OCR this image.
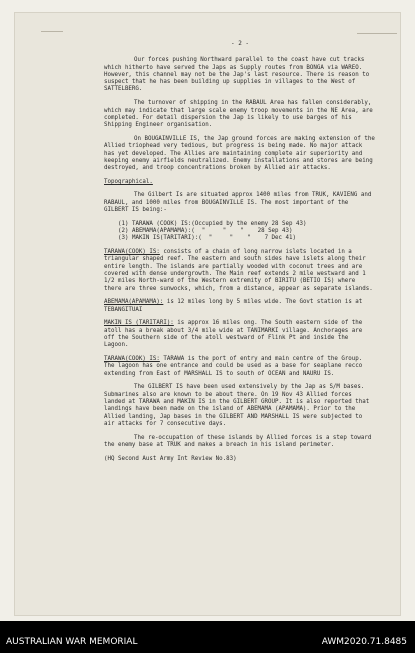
- 2 -

Our forces pushing Northward parallel to the coast have cut tracks which hitherto have served the Japs as Supply routes from BONGA via WAREO. However, this channel may not be the Jap's last resource. There is reason to suspect that he has been building up supplies in villages to the West of SATTELBERG.

The turnover of shipping in the RABAUL Area has fallen considerably, which may indicate that large scale enemy troop movements in the NE Area, are completed. For detail dispersion the Jap is likely to use barges of his Shipping Engineer organisation.

On BOUGAINVILLE IS, the Jap ground forces are making extension of the Allied triophead very tedious, but progress is being made. No major attack has yet developed. The Allies are maintaining complete air superiority and keeping enemy airfields neutralized. Enemy installations and stores are being destroyed, and troop concentrations broken by Allied air attacks.

Topographical.

The Gilbert Is are situated approx 1400 miles from TRUK, KAVIENG and RABAUL, and 1000 miles from BOUGAINVILLE IS. The most important of the GILBERT IS being:-

(1) TARAWA (COOK) IS:(Occupied by the enemy 28 Sep 43)
(2) ABEMAMA(APAMAMA):(  "     "    "    28 Sep 43)
(3) MAKIN IS(TARITARI):(  "     "    "    7 Dec 41)

TARAWA(COOK) IS: consists of a chain of long narrow islets located in a triangular shaped reef. The eastern and south sides have islets along their entire length. The islands are partially wooded with coconut trees and are covered with dense undergrowth. The Main reef extends 2 mile westward and 1 1/2 miles North-ward of the Western extremity of BIRITU (BETIO IS) where there are three sunwocks, which, from a distance, appear as separate islands.

ABEMAMA(APAMAMA): is 12 miles long by 5 miles wide. The Govt station is at TEBANGITUAI

MAKIN IS (TARITARI): is approx 16 miles ong. The South eastern side of the atoll has a break about 3/4 mile wide at TANIMARKI village. Anchorages are off the Southern side of the atoll westward of Flink Pt and inside the Lagoon.

TARAWA(COOK) IS: TARAWA is the port of entry and main centre of the Group. The lagoon has one entrance and could be used as a base for seaplane recco extending from East of MARSHALL IS to south of OCEAN and NAURU IS.

The GILBERT IS have been used extensively by the Jap as S/M bases. Submarines also are known to be about there. On 19 Nov 43 Allied forces landed at TARAWA and MAKIN IS in the GILBERT GROUP. It is also reported that landings have been made on the island of ABEMAMA (APAMAMA). Prior to the Allied landing, Jap bases in the GILBERT AND MARSHALL IS were subjected to air attacks for 7 consecutive days.

The re-occupation of these islands by Allied forces is a step toward the enemy base at TRUK and makes a breach in his island perimeter.

(HQ Second Aust Army Int Review No.83)
AUSTRALIAN WAR MEMORIAL	AWM2020.71.8485
